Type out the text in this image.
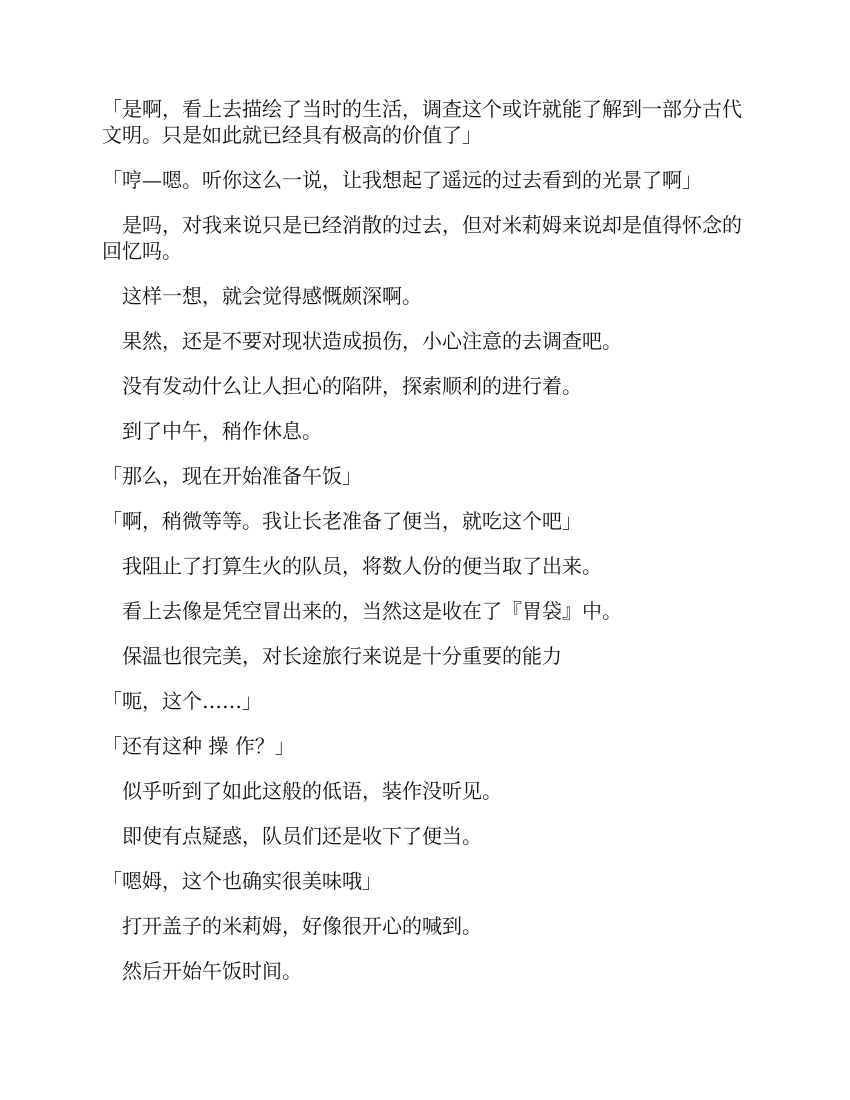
「是啊，看上去描绘了当时的生活，调查这个或许就能了解到一部分古代文明。只是如此就已经具有极高的价值了」

「哼—嗯。听你这么一说，让我想起了遥远的过去看到的光景了啊」

是吗，对我来说只是已经消散的过去，但对米莉姆来说却是值得怀念的回忆吗。

这样一想，就会觉得感慨颇深啊。

果然，还是不要对现状造成损伤，小心注意的去调查吧。

没有发动什么让人担心的陷阱，探索顺利的进行着。

到了中午，稍作休息。

「那么，现在开始准备午饭」

「啊，稍微等等。我让长老准备了便当，就吃这个吧」

我阻止了打算生火的队员，将数人份的便当取了出来。

看上去像是凭空冒出来的，当然这是收在了『胃袋』中。

保温也很完美，对长途旅行来说是十分重要的能力

「呃，这个……」

「还有这种 操 作？」

似乎听到了如此这般的低语，装作没听见。

即使有点疑惑，队员们还是收下了便当。

「嗯姆，这个也确实很美味哦」

打开盖子的米莉姆，好像很开心的喊到。

然后开始午饭时间。
